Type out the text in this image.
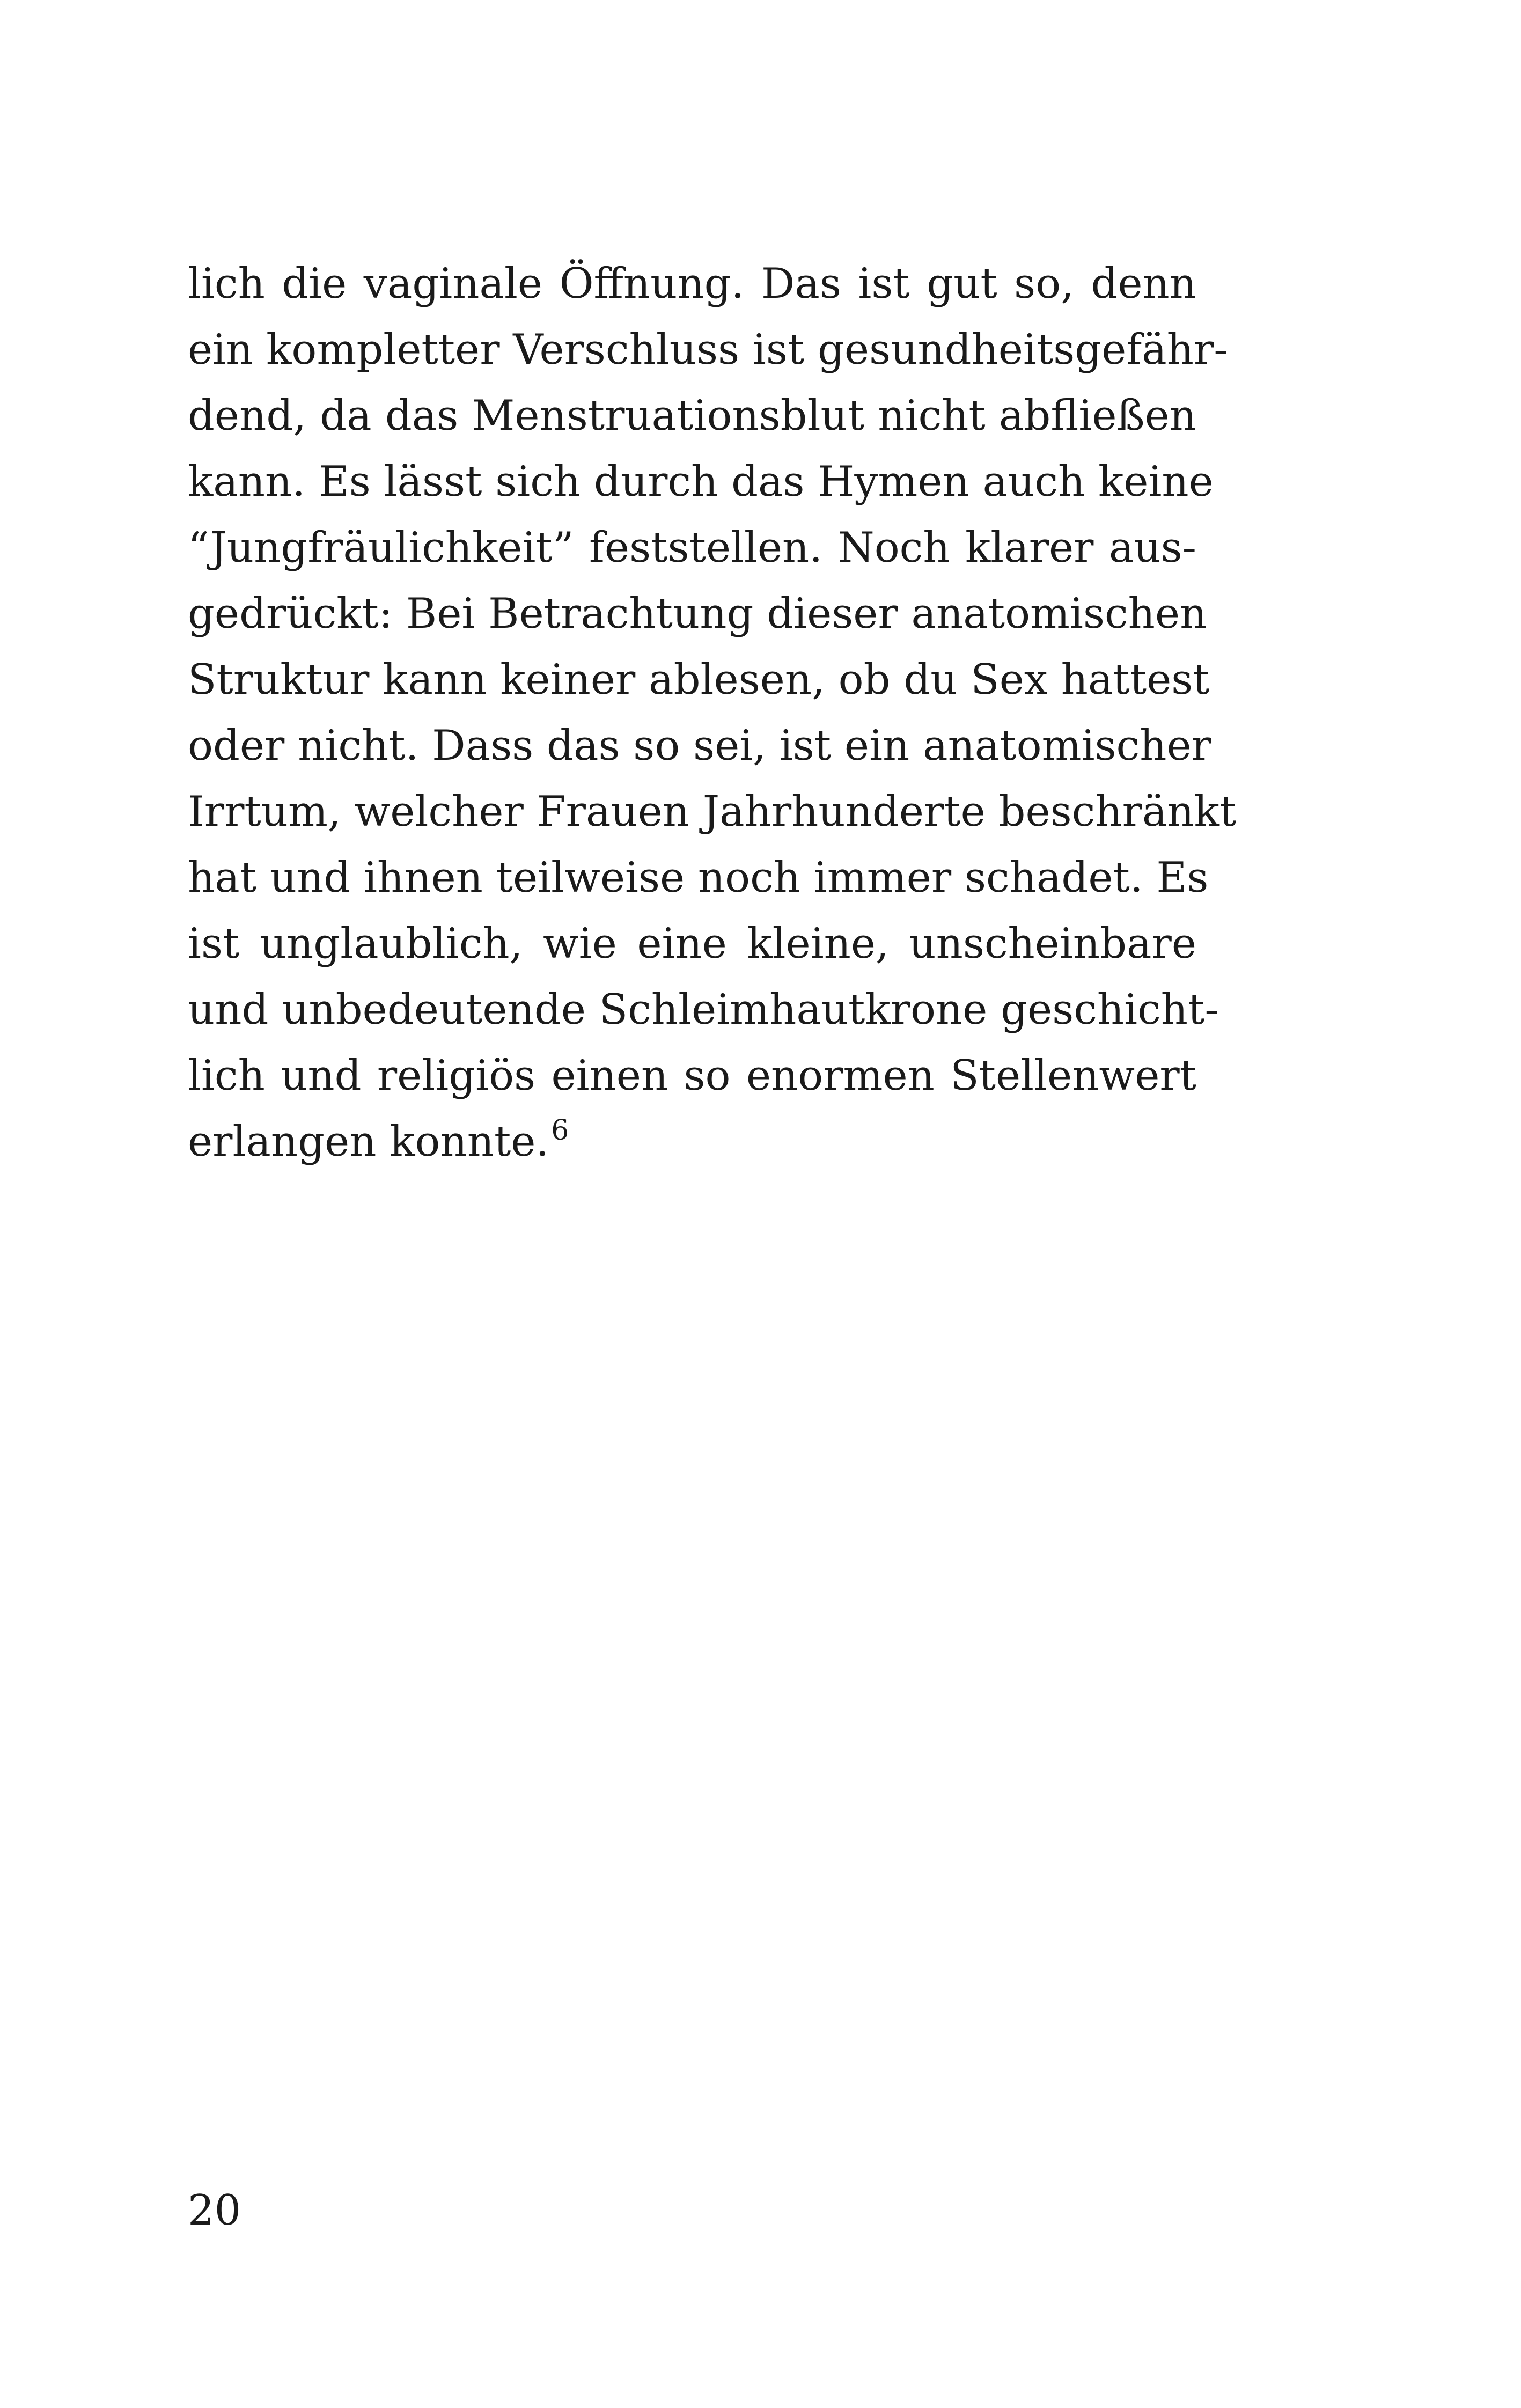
lich die vaginale Öffnung. Das ist gut so, denn
ein kompletter Verschluss ist gesundheitsgefähr-
dend, da das Menstruationsblut nicht abfließen
kann. Es lässt sich durch das Hymen auch keine
“Jungfräulichkeit” feststellen. Noch klarer aus-
gedrückt: Bei Betrachtung dieser anatomischen
Struktur kann keiner ablesen, ob du Sex hattest
oder nicht. Dass das so sei, ist ein anatomischer
Irrtum, welcher Frauen Jahrhunderte beschränkt
hat und ihnen teilweise noch immer schadet. Es
ist unglaublich, wie eine kleine, unscheinbare
und unbedeutende Schleimhautkrone geschicht-
lich und religiös einen so enormen Stellenwert
erlangen konnte.$^6$
20
